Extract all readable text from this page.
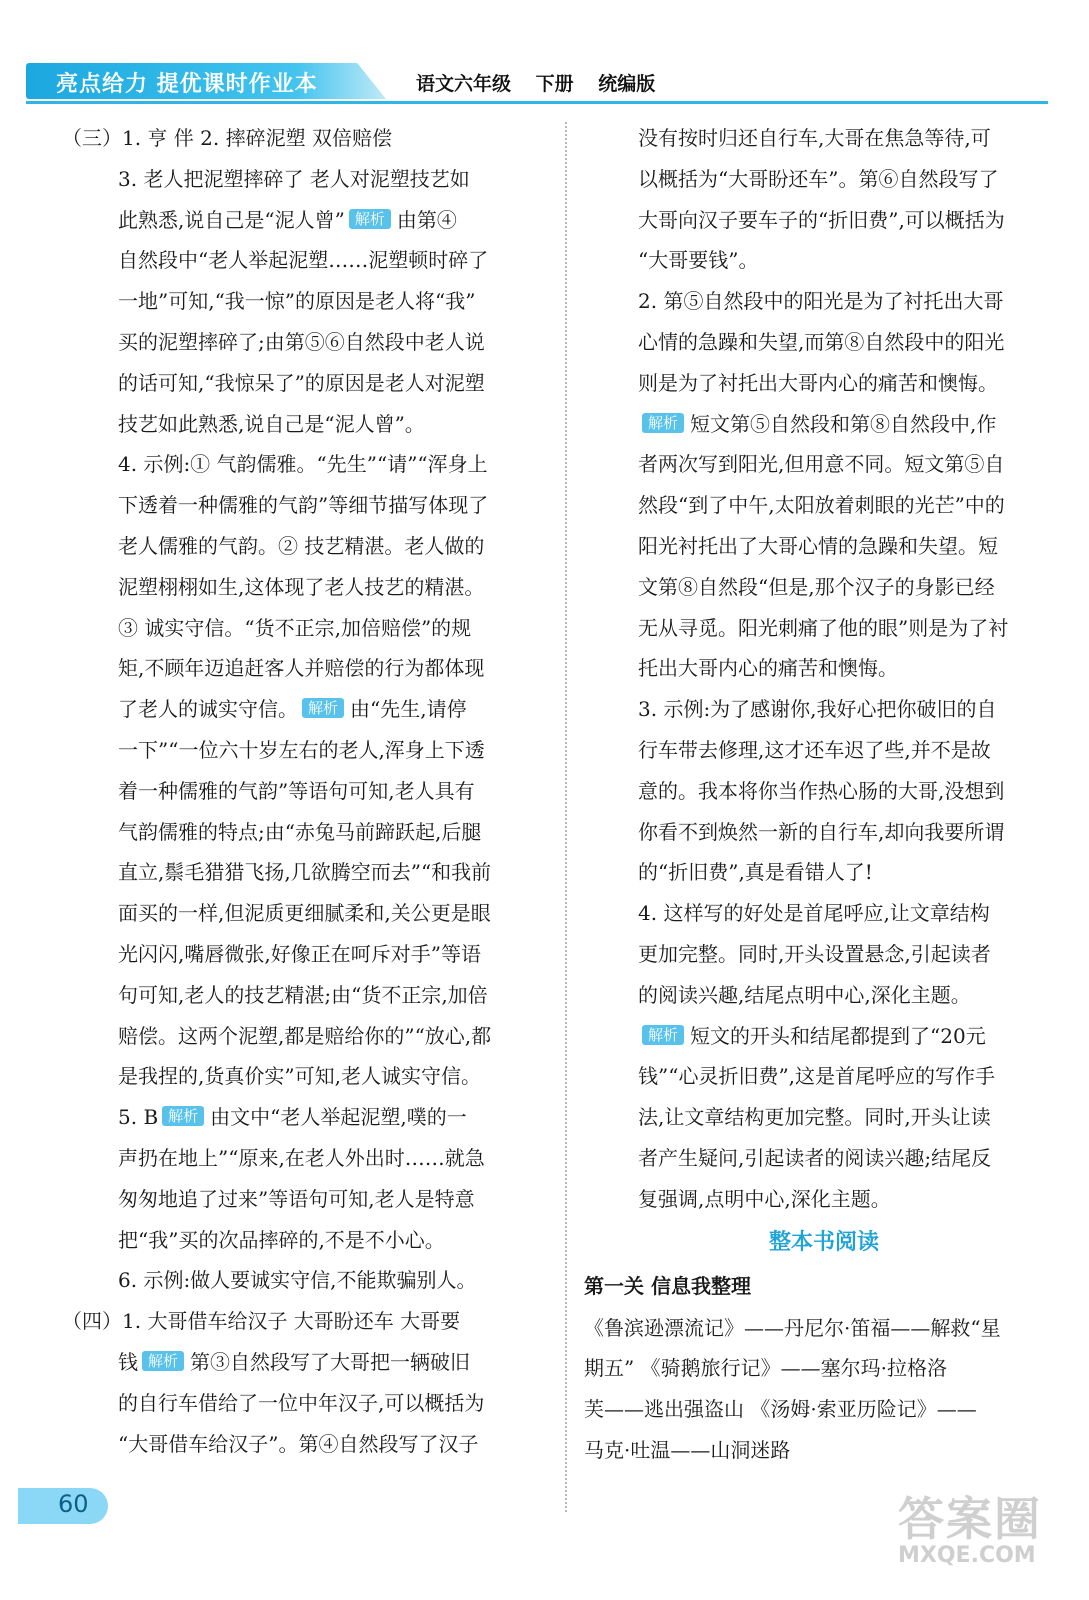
亮点给力 提优课时作业本	语文六年级 下册 统编版
（三）1. 亨 伴 2. 摔碎泥塑 双倍赔偿
3. 老人把泥塑摔碎了 老人对泥塑技艺如
此熟悉,说自己是“泥人曾” 解析 由第④
自然段中“老人举起泥塑……泥塑顿时碎了
一地”可知,“我一惊”的原因是老人将“我”
买的泥塑摔碎了;由第⑤⑥自然段中老人说
的话可知,“我惊呆了”的原因是老人对泥塑
技艺如此熟悉,说自己是“泥人曾”。
4. 示例:① 气韵儒雅。“先生”“请”“浑身上
下透着一种儒雅的气韵”等细节描写体现了
老人儒雅的气韵。② 技艺精湛。老人做的
泥塑栩栩如生,这体现了老人技艺的精湛。
③ 诚实守信。“货不正宗,加倍赔偿”的规
矩,不顾年迈追赶客人并赔偿的行为都体现
了老人的诚实守信。 解析 由“先生,请停
一下”“一位六十岁左右的老人,浑身上下透
着一种儒雅的气韵”等语句可知,老人具有
气韵儒雅的特点;由“赤兔马前蹄跃起,后腿
直立,鬃毛猎猎飞扬,几欲腾空而去”“和我前
面买的一样,但泥质更细腻柔和,关公更是眼
光闪闪,嘴唇微张,好像正在呵斥对手”等语
句可知,老人的技艺精湛;由“货不正宗,加倍
赔偿。这两个泥塑,都是赔给你的”“放心,都
是我捏的,货真价实”可知,老人诚实守信。
5. B 解析 由文中“老人举起泥塑,噗的一
声扔在地上”“原来,在老人外出时……就急
匆匆地追了过来”等语句可知,老人是特意
把“我”买的次品摔碎的,不是不小心。
6. 示例:做人要诚实守信,不能欺骗别人。
（四）1. 大哥借车给汉子 大哥盼还车 大哥要
钱 解析 第③自然段写了大哥把一辆破旧
的自行车借给了一位中年汉子,可以概括为
“大哥借车给汉子”。第④自然段写了汉子
没有按时归还自行车,大哥在焦急等待,可
以概括为“大哥盼还车”。第⑥自然段写了
大哥向汉子要车子的“折旧费”,可以概括为
“大哥要钱”。
2. 第⑤自然段中的阳光是为了衬托出大哥
心情的急躁和失望,而第⑧自然段中的阳光
则是为了衬托出大哥内心的痛苦和懊悔。
解析 短文第⑤自然段和第⑧自然段中,作
者两次写到阳光,但用意不同。短文第⑤自
然段“到了中午,太阳放着刺眼的光芒”中的
阳光衬托出了大哥心情的急躁和失望。短
文第⑧自然段“但是,那个汉子的身影已经
无从寻觅。阳光刺痛了他的眼”则是为了衬
托出大哥内心的痛苦和懊悔。
3. 示例:为了感谢你,我好心把你破旧的自
行车带去修理,这才还车迟了些,并不是故
意的。我本将你当作热心肠的大哥,没想到
你看不到焕然一新的自行车,却向我要所谓
的“折旧费”,真是看错人了!
4. 这样写的好处是首尾呼应,让文章结构
更加完整。同时,开头设置悬念,引起读者
的阅读兴趣,结尾点明中心,深化主题。
解析 短文的开头和结尾都提到了“20元
钱”“心灵折旧费”,这是首尾呼应的写作手
法,让文章结构更加完整。同时,开头让读
者产生疑问,引起读者的阅读兴趣;结尾反
复强调,点明中心,深化主题。
整本书阅读
第一关 信息我整理
《鲁滨逊漂流记》——丹尼尔·笛福——解救“星
期五” 《骑鹅旅行记》——塞尔玛·拉格洛
芙——逃出强盗山 《汤姆·索亚历险记》——
马克·吐温——山洞迷路
60	答案圈
MXQE.COM
